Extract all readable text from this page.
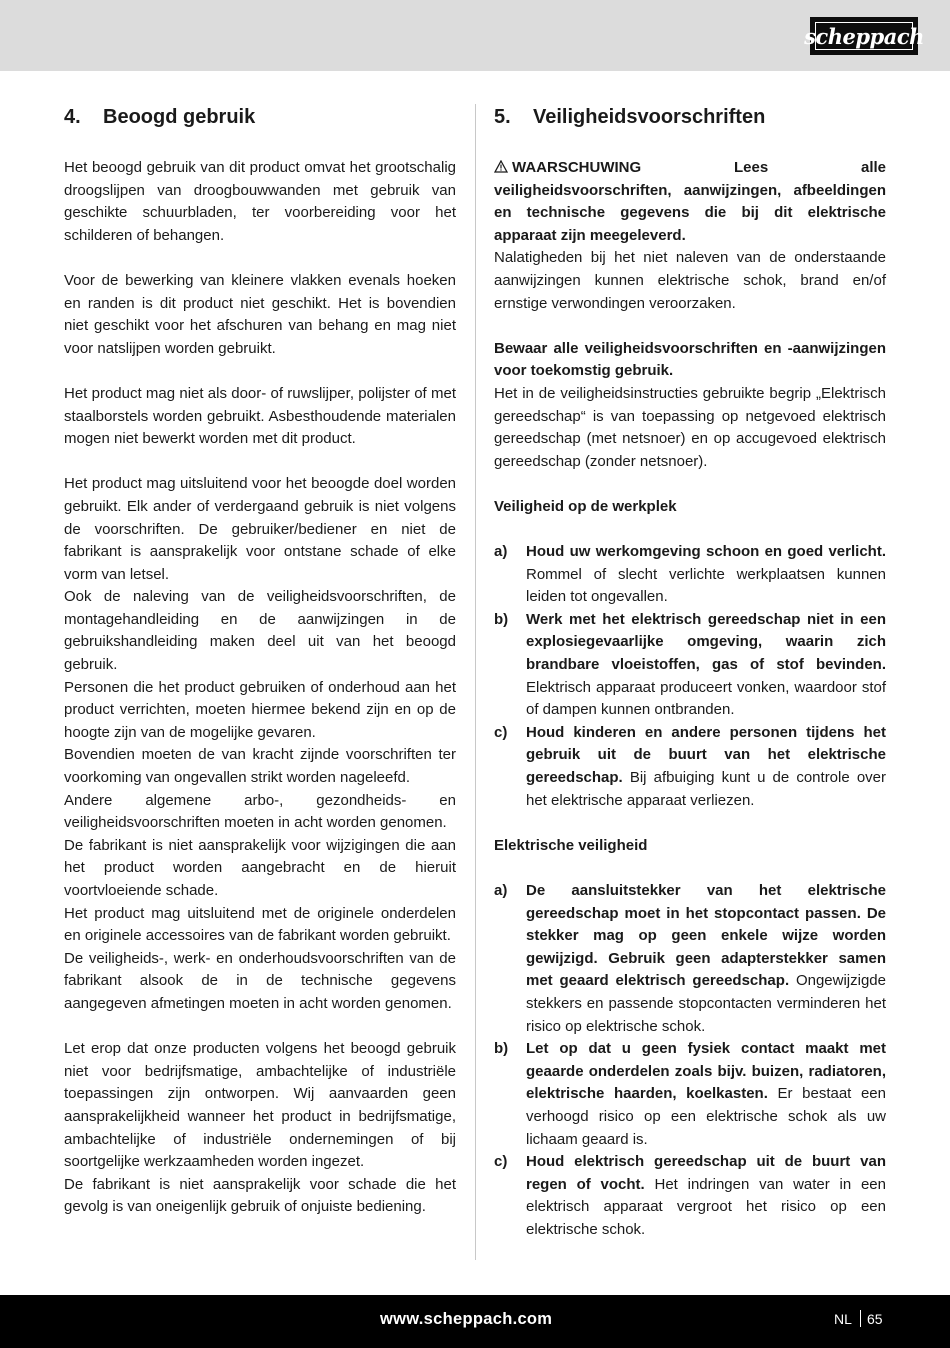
scheppach
4.	Beoogd gebruik

Het beoogd gebruik van dit product omvat het grootschalig droogslijpen van droogbouwwanden met gebruik van geschikte schuurbladen, ter voorbereiding voor het schilderen of behangen.

Voor de bewerking van kleinere vlakken evenals hoeken en randen is dit product niet geschikt. Het is bovendien niet geschikt voor het afschuren van behang en mag niet voor natslijpen worden gebruikt.

Het product mag niet als door- of ruwslijper, polijster of met staalborstels worden gebruikt. Asbesthoudende materialen mogen niet bewerkt worden met dit product.

Het product mag uitsluitend voor het beoogde doel worden gebruikt. Elk ander of verdergaand gebruik is niet volgens de voorschriften. De gebruiker/bediener en niet de fabrikant is aansprakelijk voor ontstane schade of elke vorm van letsel.

Ook de naleving van de veiligheidsvoorschriften, de montagehandleiding en de aanwijzingen in de gebruikshandleiding maken deel uit van het beoogd gebruik.

Personen die het product gebruiken of onderhoud aan het product verrichten, moeten hiermee bekend zijn en op de hoogte zijn van de mogelijke gevaren.

Bovendien moeten de van kracht zijnde voorschriften ter voorkoming van ongevallen strikt worden nageleefd.

Andere algemene arbo-, gezondheids- en veiligheidsvoorschriften moeten in acht worden genomen.

De fabrikant is niet aansprakelijk voor wijzigingen die aan het product worden aangebracht en de hieruit voortvloeiende schade.

Het product mag uitsluitend met de originele onderdelen en originele accessoires van de fabrikant worden gebruikt.

De veiligheids-, werk- en onderhoudsvoorschriften van de fabrikant alsook de in de technische gegevens aangegeven afmetingen moeten in acht worden genomen.

Let erop dat onze producten volgens het beoogd gebruik niet voor bedrijfsmatige, ambachtelijke of industriële toepassingen zijn ontworpen. Wij aanvaarden geen aansprakelijkheid wanneer het product in bedrijfsmatige, ambachtelijke of industriële ondernemingen of bij soortgelijke werkzaamheden worden ingezet.

De fabrikant is niet aansprakelijk voor schade die het gevolg is van oneigenlijk gebruik of onjuiste bediening.

5.	Veiligheidsvoorschriften

WAARSCHUWING Lees alle veiligheidsvoorschriften, aanwijzingen, afbeeldingen en technische gegevens die bij dit elektrische apparaat zijn meegeleverd.

Nalatigheden bij het niet naleven van de onderstaande aanwijzingen kunnen elektrische schok, brand en/of ernstige verwondingen veroorzaken.

Bewaar alle veiligheidsvoorschriften en -aanwijzingen voor toekomstig gebruik.

Het in de veiligheidsinstructies gebruikte begrip „Elektrisch gereedschap“ is van toepassing op netgevoed elektrisch gereedschap (met netsnoer) en op accugevoed elektrisch gereedschap (zonder netsnoer).

Veiligheid op de werkplek

a)	Houd uw werkomgeving schoon en goed verlicht. Rommel of slecht verlichte werkplaatsen kunnen leiden tot ongevallen.
b)	Werk met het elektrisch gereedschap niet in een explosiegevaarlijke omgeving, waarin zich brandbare vloeistoffen, gas of stof bevinden. Elektrisch apparaat produceert vonken, waardoor stof of dampen kunnen ontbranden.
c)	Houd kinderen en andere personen tijdens het gebruik uit de buurt van het elektrische gereedschap. Bij afbuiging kunt u de controle over het elektrische apparaat verliezen.

Elektrische veiligheid

a)	De aansluitstekker van het elektrische gereedschap moet in het stopcontact passen. De stekker mag op geen enkele wijze worden gewijzigd. Gebruik geen adapterstekker samen met geaard elektrisch gereedschap. Ongewijzigde stekkers en passende stopcontacten verminderen het risico op elektrische schok.
b)	Let op dat u geen fysiek contact maakt met geaarde onderdelen zoals bijv. buizen, radiatoren, elektrische haarden, koelkasten. Er bestaat een verhoogd risico op een elektrische schok als uw lichaam geaard is.
c)	Houd elektrisch gereedschap uit de buurt van regen of vocht. Het indringen van water in een elektrisch apparaat vergroot het risico op een elektrische schok.
www.scheppach.com	NL 65
